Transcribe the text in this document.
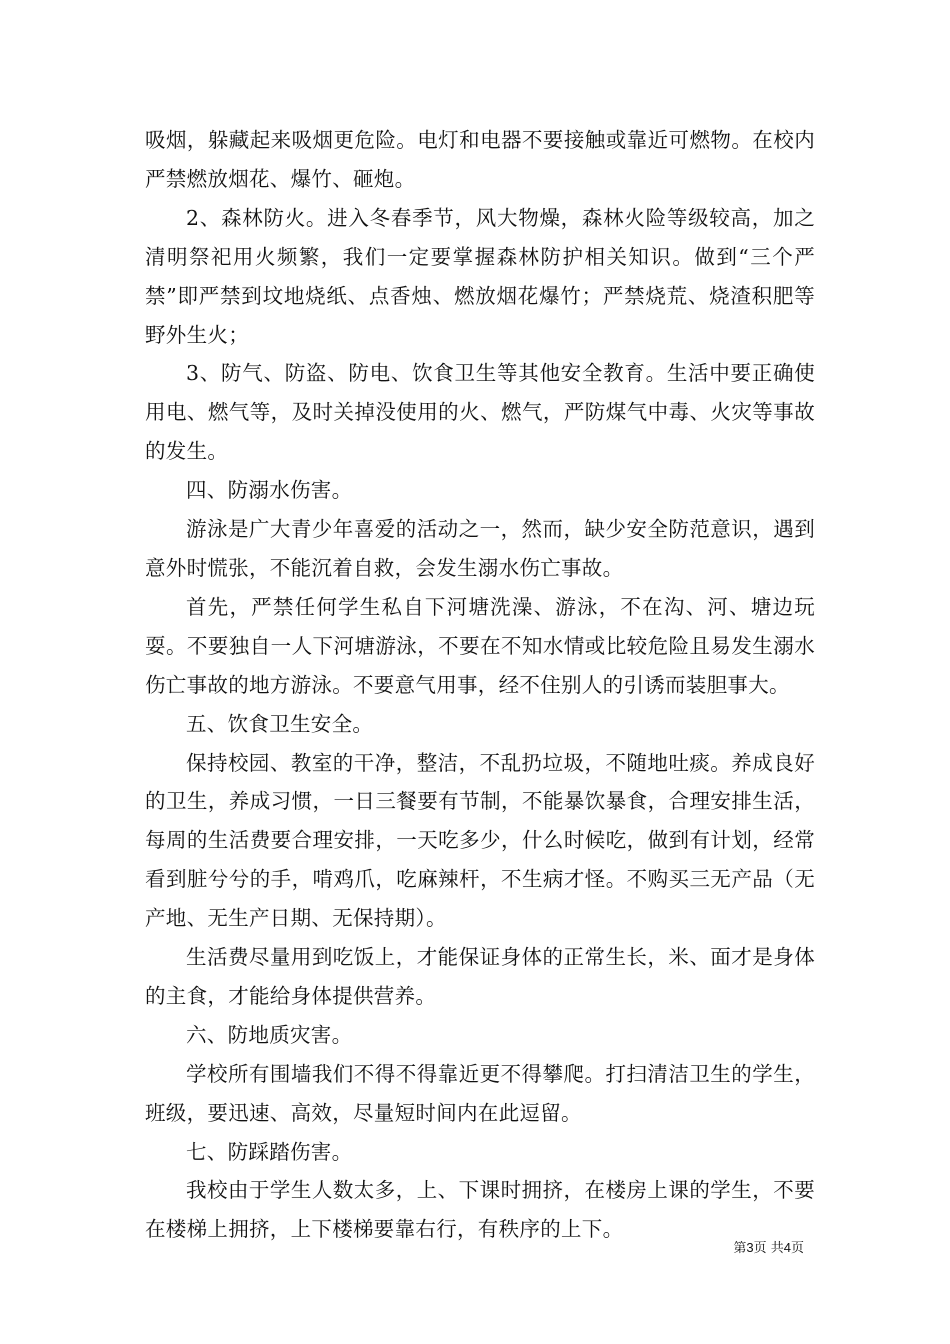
吸烟，躲藏起来吸烟更危险。电灯和电器不要接触或靠近可燃物。在校内严禁燃放烟花、爆竹、砸炮。

2、森林防火。进入冬春季节，风大物燥，森林火险等级较高，加之清明祭祀用火频繁，我们一定要掌握森林防护相关知识。做到“三个严禁”即严禁到坟地烧纸、点香烛、燃放烟花爆竹；严禁烧荒、烧渣积肥等野外生火；

3、防气、防盗、防电、饮食卫生等其他安全教育。生活中要正确使用电、燃气等，及时关掉没使用的火、燃气，严防煤气中毒、火灾等事故的发生。

四、防溺水伤害。

游泳是广大青少年喜爱的活动之一，然而，缺少安全防范意识，遇到意外时慌张，不能沉着自救，会发生溺水伤亡事故。

首先，严禁任何学生私自下河塘洗澡、游泳，不在沟、河、塘边玩耍。不要独自一人下河塘游泳，不要在不知水情或比较危险且易发生溺水伤亡事故的地方游泳。不要意气用事，经不住别人的引诱而装胆事大。

五、饮食卫生安全。

保持校园、教室的干净，整洁，不乱扔垃圾，不随地吐痰。养成良好的卫生，养成习惯，一日三餐要有节制，不能暴饮暴食，合理安排生活，每周的生活费要合理安排，一天吃多少，什么时候吃，做到有计划，经常看到脏兮兮的手，啃鸡爪，吃麻辣杆，不生病才怪。不购买三无产品（无产地、无生产日期、无保持期）。

生活费尽量用到吃饭上，才能保证身体的正常生长，米、面才是身体的主食，才能给身体提供营养。

六、防地质灾害。

学校所有围墙我们不得不得靠近更不得攀爬。打扫清洁卫生的学生，班级，要迅速、高效，尽量短时间内在此逗留。

七、防踩踏伤害。

我校由于学生人数太多，上、下课时拥挤，在楼房上课的学生，不要在楼梯上拥挤，上下楼梯要靠右行，有秩序的上下。

第3页 共4页
